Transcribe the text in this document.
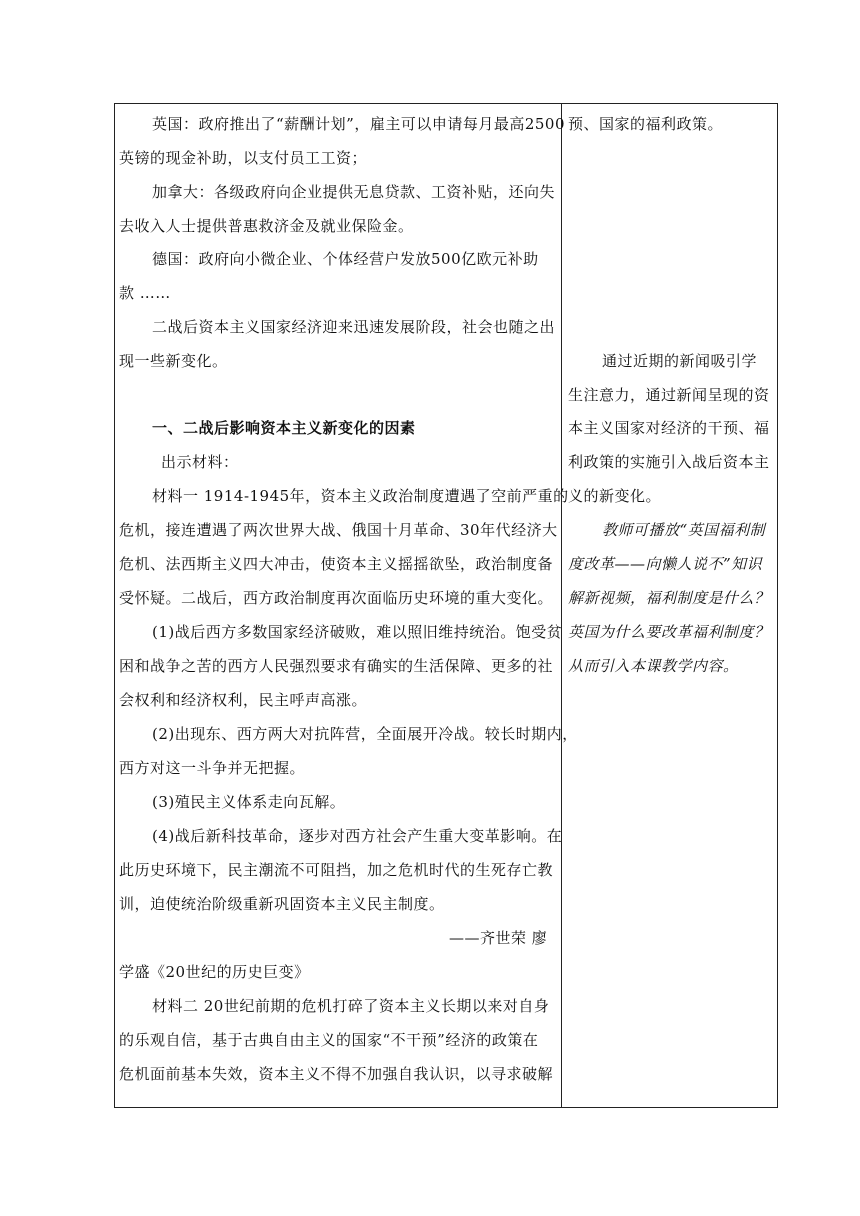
英国：政府推出了“薪酬计划”，雇主可以申请每月最高2500
英镑的现金补助，以支付员工工资；
加拿大：各级政府向企业提供无息贷款、工资补贴，还向失
去收入人士提供普惠救济金及就业保险金。
德国：政府向小微企业、个体经营户发放500亿欧元补助
款 ……
二战后资本主义国家经济迎来迅速发展阶段，社会也随之出
现一些新变化。
一、二战后影响资本主义新变化的因素
出示材料：
材料一 1914-1945年，资本主义政治制度遭遇了空前严重的
危机，接连遭遇了两次世界大战、俄国十月革命、30年代经济大
危机、法西斯主义四大冲击，使资本主义摇摇欲坠，政治制度备
受怀疑。二战后，西方政治制度再次面临历史环境的重大变化。
(1)战后西方多数国家经济破败，难以照旧维持统治。饱受贫
困和战争之苦的西方人民强烈要求有确实的生活保障、更多的社
会权利和经济权利，民主呼声高涨。
(2)出现东、西方两大对抗阵营，全面展开冷战。较长时期内，
西方对这一斗争并无把握。
(3)殖民主义体系走向瓦解。
(4)战后新科技革命，逐步对西方社会产生重大变革影响。在
此历史环境下，民主潮流不可阻挡，加之危机时代的生死存亡教
训，迫使统治阶级重新巩固资本主义民主制度。
——齐世荣 廖
学盛《20世纪的历史巨变》
材料二 20世纪前期的危机打碎了资本主义长期以来对自身
的乐观自信，基于古典自由主义的国家“不干预”经济的政策在
危机面前基本失效，资本主义不得不加强自我认识，以寻求破解
预、国家的福利政策。
通过近期的新闻吸引学
生注意力，通过新闻呈现的资
本主义国家对经济的干预、福
利政策的实施引入战后资本主
义的新变化。
教师可播放“英国福利制
度改革——向懒人说不”知识
解新视频，福利制度是什么？
英国为什么要改革福利制度？
从而引入本课教学内容。
